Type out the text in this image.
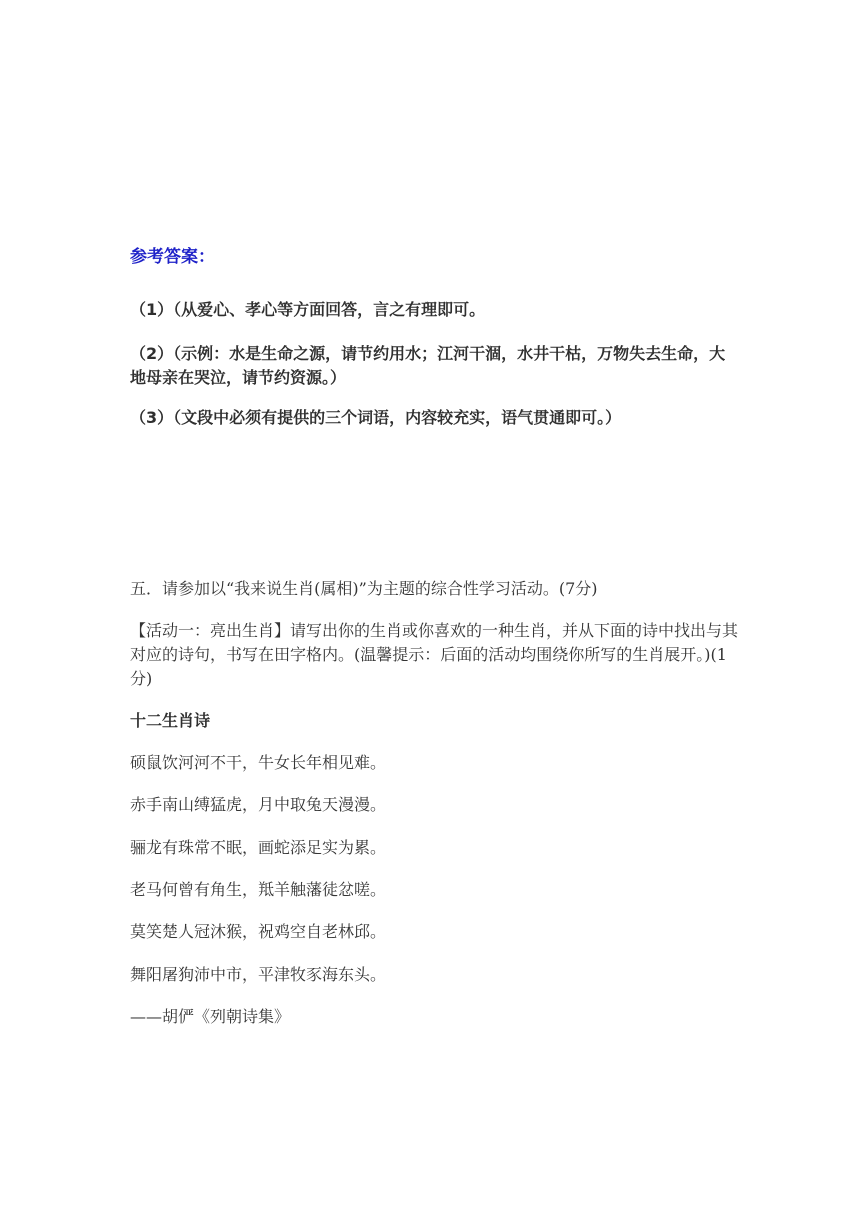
参考答案：
（1）（从爱心、孝心等方面回答，言之有理即可。
（2）（示例：水是生命之源，请节约用水；江河干涸，水井干枯，万物失去生命，大地母亲在哭泣，请节约资源。）
（3）（文段中必须有提供的三个词语，内容较充实，语气贯通即可。）
五．请参加以“我来说生肖(属相)”为主题的综合性学习活动。(7分)
【活动一：亮出生肖】请写出你的生肖或你喜欢的一种生肖，并从下面的诗中找出与其对应的诗句，书写在田字格内。(温馨提示：后面的活动均围绕你所写的生肖展开。)(1分)
十二生肖诗
硕鼠饮河河不干，牛女长年相见难。
赤手南山缚猛虎，月中取兔天漫漫。
骊龙有珠常不眠，画蛇添足实为累。
老马何曾有角生，羝羊触藩徒忿嗟。
莫笑楚人冠沐猴，祝鸡空自老林邱。
舞阳屠狗沛中市，平津牧豕海东头。
——胡俨《列朝诗集》
